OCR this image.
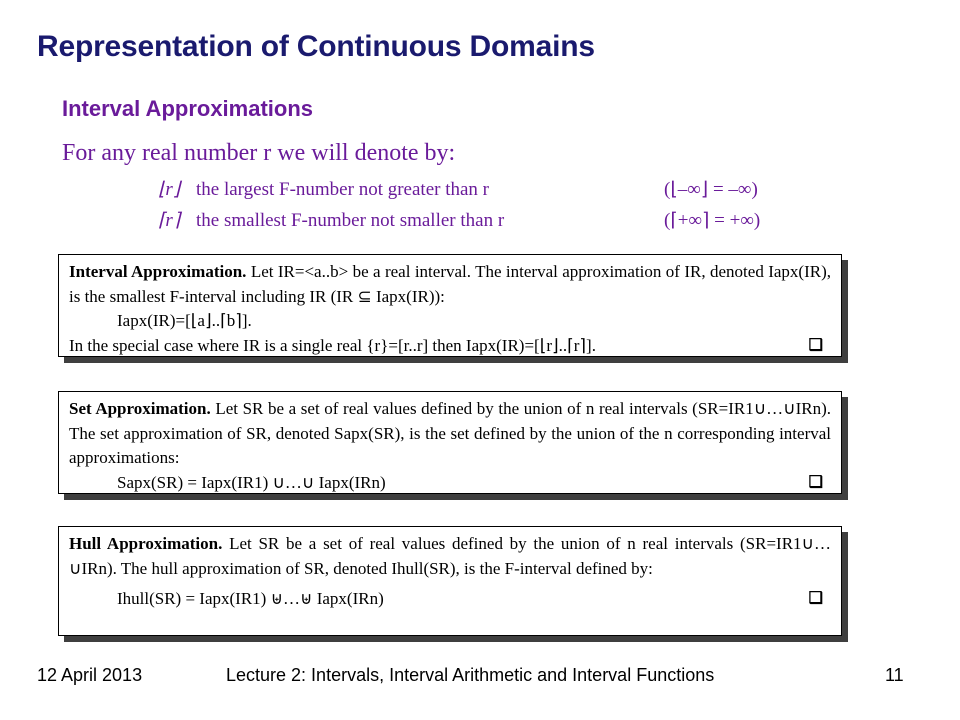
Representation of Continuous Domains
Interval Approximations
For any real number r we will denote by:
⌊r⌋ the largest F-number not greater than r	(⌊–∞⌋ = –∞)
⌈r⌉ the smallest F-number not smaller than r	(⌈+∞⌉ = +∞)

Interval Approximation. Let IR=<a..b> be a real interval. The interval approximation of IR, denoted Iapx(IR), is the smallest F-interval including IR (IR ⊆ Iapx(IR)):

Iapx(IR)=[⌊a⌋..⌈b⌉].

In the special case where IR is a single real {r}=[r..r] then Iapx(IR)=[⌊r⌋..⌈r⌉].	❑

Set Approximation. Let SR be a set of real values defined by the union of n real intervals (SR=IR1∪…∪IRn). The set approximation of SR, denoted Sapx(SR), is the set defined by the union of the n corresponding interval approximations:

Sapx(SR) = Iapx(IR1) ∪…∪ Iapx(IRn)	❑

Hull Approximation. Let SR be a set of real values defined by the union of n real intervals (SR=IR1∪…∪IRn). The hull approximation of SR, denoted Ihull(SR), is the F-interval defined by:

Ihull(SR) = Iapx(IR1) ⊎…⊎ Iapx(IRn)	❑

12 April 2013	Lecture 2: Intervals, Interval Arithmetic and Interval Functions	11
